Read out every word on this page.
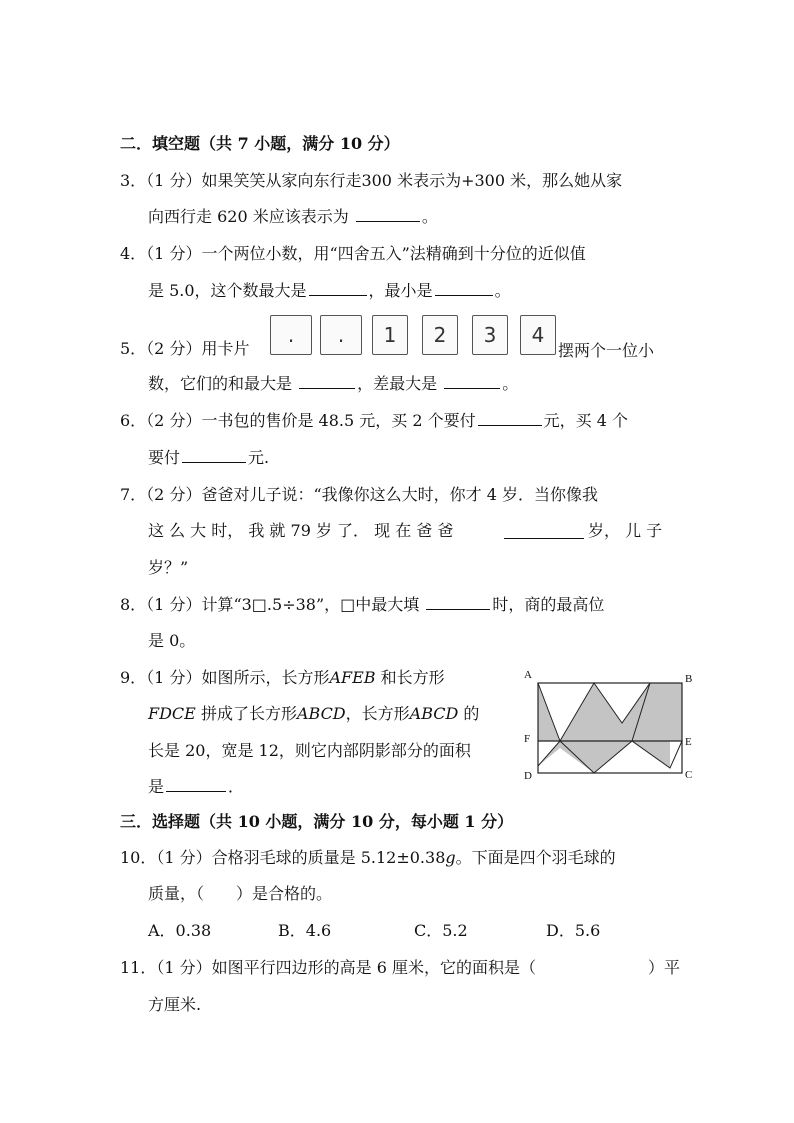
二．填空题（共 7 小题，满分 10 分）
3．（1 分）如果笑笑从家向东行走300 米表示为+300 米，那么她从家
向西行走 620 米应该表示为	。
4．（1 分）一个两位小数，用“四舍五入”法精确到十分位的近似值
是 5.0，这个数最大是	，最小是	。
5．（2 分）用卡片
.	.	1	2	3	4
摆两个一位小
数，它们的和最大是	，差最大是	。
6．（2 分）一书包的售价是 48.5 元，买 2 个要付	元，买 4 个
要付	元.
7．（2 分）爸爸对儿子说：“我像你这么大时，你才 4 岁．当你像我
这 么 大 时， 我 就 79 岁 了． 现 在 爸 爸	岁， 儿 子
岁？”
8．（1 分）计算“3□.5÷38”，□中最大填	时，商的最高位
是 0。
9．（1 分）如图所示，长方形AFEB 和长方形
FDCE 拼成了长方形ABCD，长方形ABCD 的
长是 20，宽是 12，则它内部阴影部分的面积
是	．
A	B
F	E
D	C
三．选择题（共 10 小题，满分 10 分，每小题 1 分）
10．（1 分）合格羽毛球的质量是 5.12±0.38g。下面是四个羽毛球的
质量，（　　）是合格的。
A．0.38	B．4.6	C．5.2	D．5.6
11．（1 分）如图平行四边形的高是 6 厘米，它的面积是（	）平
方厘米.
